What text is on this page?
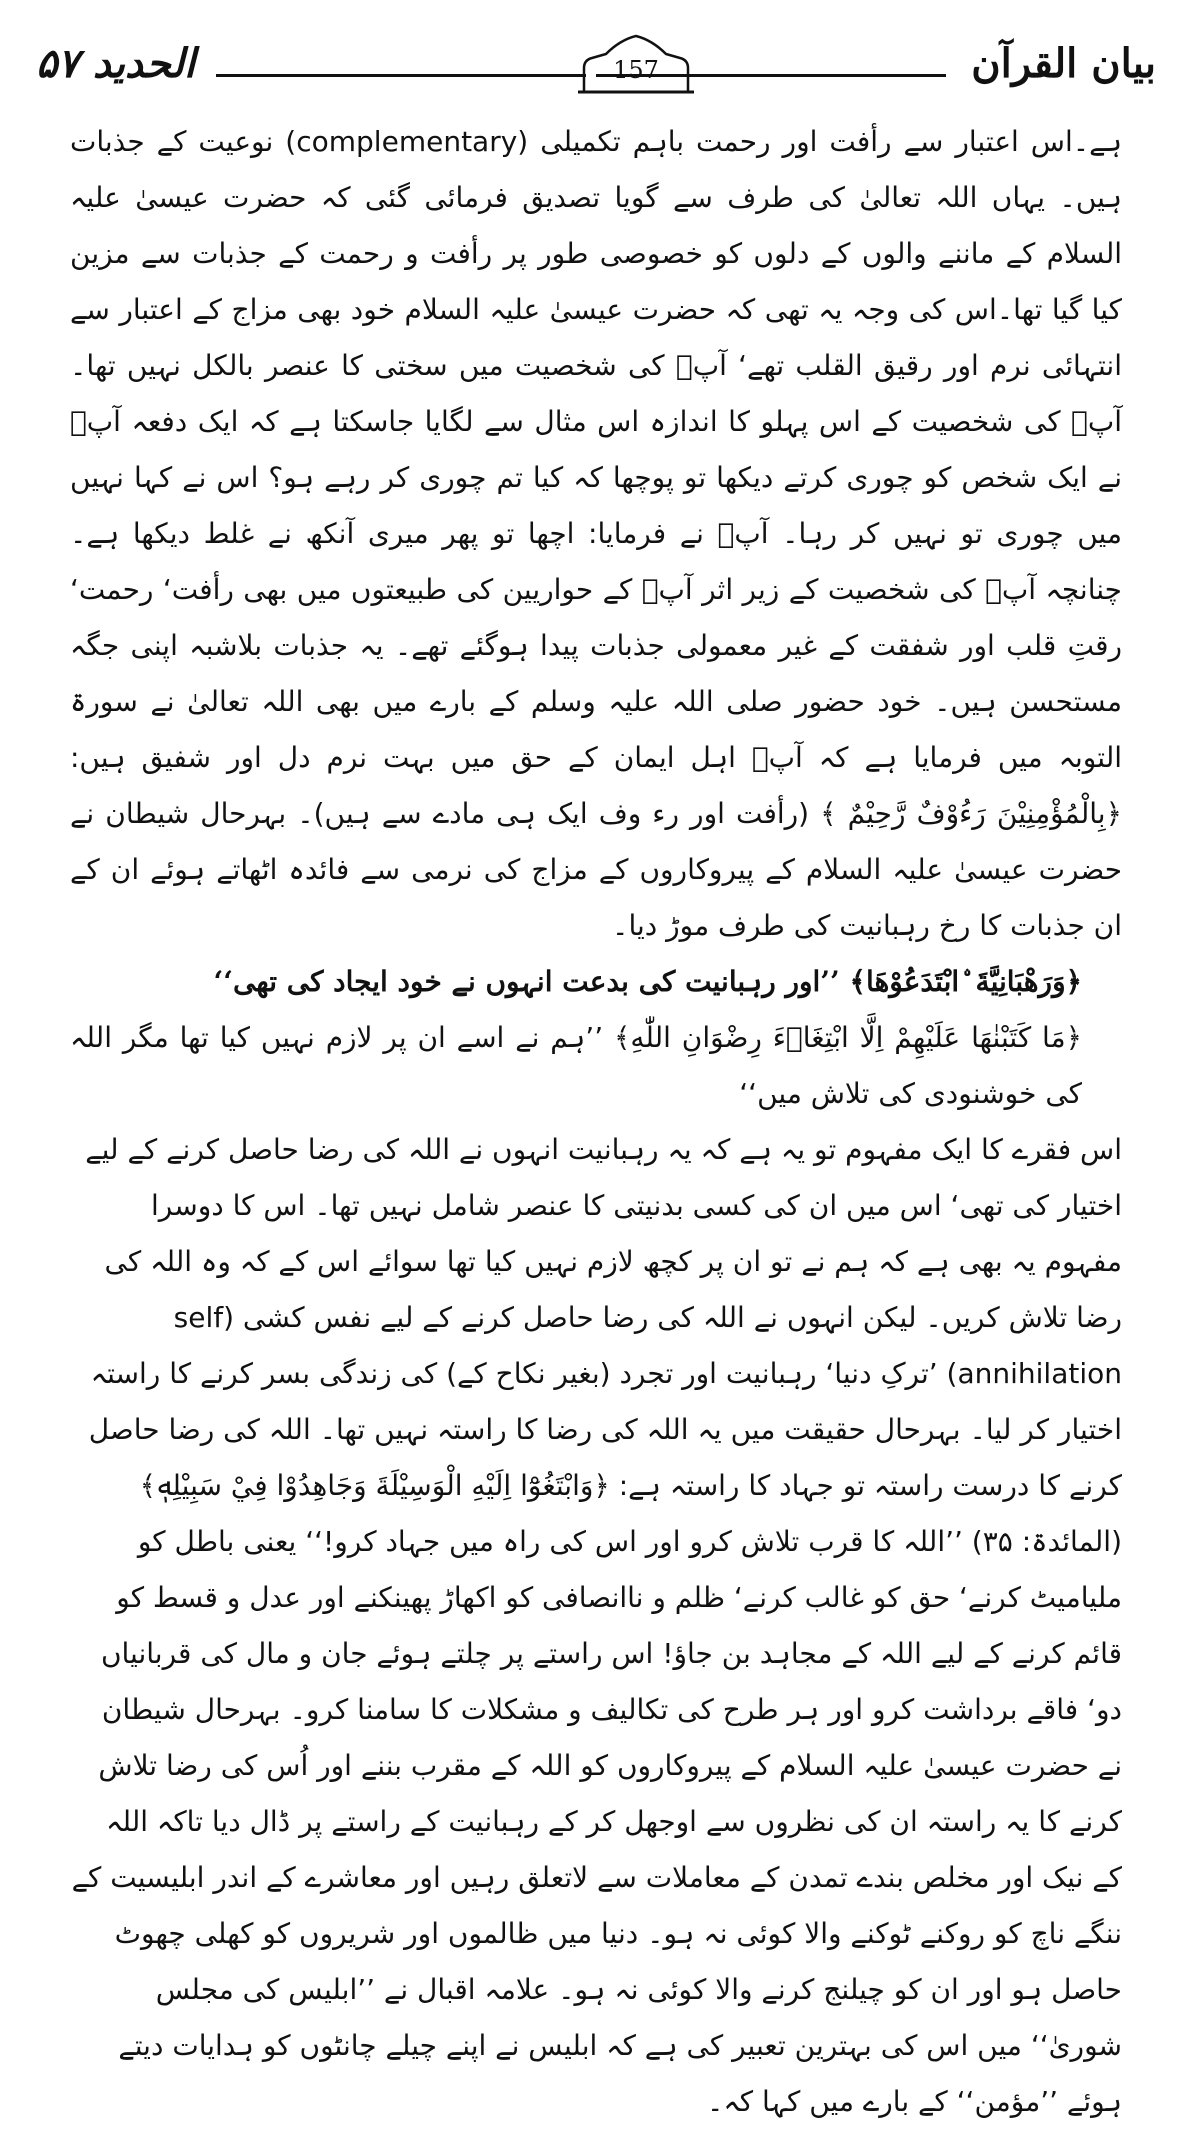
بیان القرآن
157
الحدید ۵۷

ہے۔اس اعتبار سے رأفت اور رحمت باہم تکمیلی (complementary) نوعیت کے جذبات ہیں۔ یہاں اللہ تعالیٰ کی طرف سے گویا تصدیق فرمائی گئی کہ حضرت عیسیٰ علیہ السلام کے ماننے والوں کے دلوں کو خصوصی طور پر رأفت و رحمت کے جذبات سے مزین کیا گیا تھا۔اس کی وجہ یہ تھی کہ حضرت عیسیٰ علیہ السلام خود بھی مزاج کے اعتبار سے انتہائی نرم اور رقیق القلب تھے‘ آپؑ کی شخصیت میں سختی کا عنصر بالکل نہیں تھا۔ آپؑ کی شخصیت کے اس پہلو کا اندازہ اس مثال سے لگایا جاسکتا ہے کہ ایک دفعہ آپؑ نے ایک شخص کو چوری کرتے دیکھا تو پوچھا کہ کیا تم چوری کر رہے ہو؟ اس نے کہا نہیں میں چوری تو نہیں کر رہا۔ آپؑ نے فرمایا: اچھا تو پھر میری آنکھ نے غلط دیکھا ہے۔ چنانچہ آپؑ کی شخصیت کے زیر اثر آپؑ کے حواریین کی طبیعتوں میں بھی رأفت‘ رحمت‘ رقتِ قلب اور شفقت کے غیر معمولی جذبات پیدا ہوگئے تھے۔ یہ جذبات بلاشبہ اپنی جگہ مستحسن ہیں۔ خود حضور صلی اللہ علیہ وسلم کے بارے میں بھی اللہ تعالیٰ نے سورۃ التوبہ میں فرمایا ہے کہ آپؐ اہل ایمان کے حق میں بہت نرم دل اور شفیق ہیں: ﴿بِالْمُؤْمِنِيْنَ رَءُوْفٌ رَّحِيْمٌ ﴾ (رأفت اور رء وف ایک ہی مادے سے ہیں)۔ بہرحال شیطان نے حضرت عیسیٰ علیہ السلام کے پیروکاروں کے مزاج کی نرمی سے فائدہ اٹھاتے ہوئے ان کے ان جذبات کا رخ رہبانیت کی طرف موڑ دیا۔

﴿وَرَهْبَانِيَّةَ ۨابْتَدَعُوْهَا﴾ ’’اور رہبانیت کی بدعت انہوں نے خود ایجاد کی تھی‘‘

﴿مَا كَتَبْنٰهَا عَلَيْهِمْ اِلَّا ابْتِغَاۗءَ رِضْوَانِ اللّٰهِ﴾ ’’ہم نے اسے ان پر لازم نہیں کیا تھا مگر اللہ کی خوشنودی کی تلاش میں‘‘

اس فقرے کا ایک مفہوم تو یہ ہے کہ یہ رہبانیت انہوں نے اللہ کی رضا حاصل کرنے کے لیے اختیار کی تھی‘ اس میں ان کی کسی بدنیتی کا عنصر شامل نہیں تھا۔ اس کا دوسرا مفہوم یہ بھی ہے کہ ہم نے تو ان پر کچھ لازم نہیں کیا تھا سوائے اس کے کہ وہ اللہ کی رضا تلاش کریں۔ لیکن انہوں نے اللہ کی رضا حاصل کرنے کے لیے نفس کشی (self annihilation) ’ترکِ دنیا‘ رہبانیت اور تجرد (بغیر نکاح کے) کی زندگی بسر کرنے کا راستہ اختیار کر لیا۔ بہرحال حقیقت میں یہ اللہ کی رضا کا راستہ نہیں تھا۔ اللہ کی رضا حاصل کرنے کا درست راستہ تو جہاد کا راستہ ہے: ﴿وَابْتَغُوْٓا اِلَيْهِ الْوَسِيْلَةَ وَجَاهِدُوْا فِيْ سَبِيْلِهٖ﴾ (المائدۃ: ۳۵) ’’اللہ کا قرب تلاش کرو اور اس کی راہ میں جہاد کرو!‘‘ یعنی باطل کو ملیامیٹ کرنے‘ حق کو غالب کرنے‘ ظلم و ناانصافی کو اکھاڑ پھینکنے اور عدل و قسط کو قائم کرنے کے لیے اللہ کے مجاہد بن جاؤ! اس راستے پر چلتے ہوئے جان و مال کی قربانیاں دو‘ فاقے برداشت کرو اور ہر طرح کی تکالیف و مشکلات کا سامنا کرو۔ بہرحال شیطان نے حضرت عیسیٰ علیہ السلام کے پیروکاروں کو اللہ کے مقرب بننے اور اُس کی رضا تلاش کرنے کا یہ راستہ ان کی نظروں سے اوجھل کر کے رہبانیت کے راستے پر ڈال دیا تاکہ اللہ کے نیک اور مخلص بندے تمدن کے معاملات سے لاتعلق رہیں اور معاشرے کے اندر ابلیسیت کے ننگے ناچ کو روکنے ٹوکنے والا کوئی نہ ہو۔ دنیا میں ظالموں اور شریروں کو کھلی چھوٹ حاصل ہو اور ان کو چیلنج کرنے والا کوئی نہ ہو۔ علامہ اقبال نے ’’ابلیس کی مجلس شوریٰ‘‘ میں اس کی بہترین تعبیر کی ہے کہ ابلیس نے اپنے چیلے چانٹوں کو ہدایات دیتے ہوئے ’’مؤمن‘‘ کے بارے میں کہا کہ۔
